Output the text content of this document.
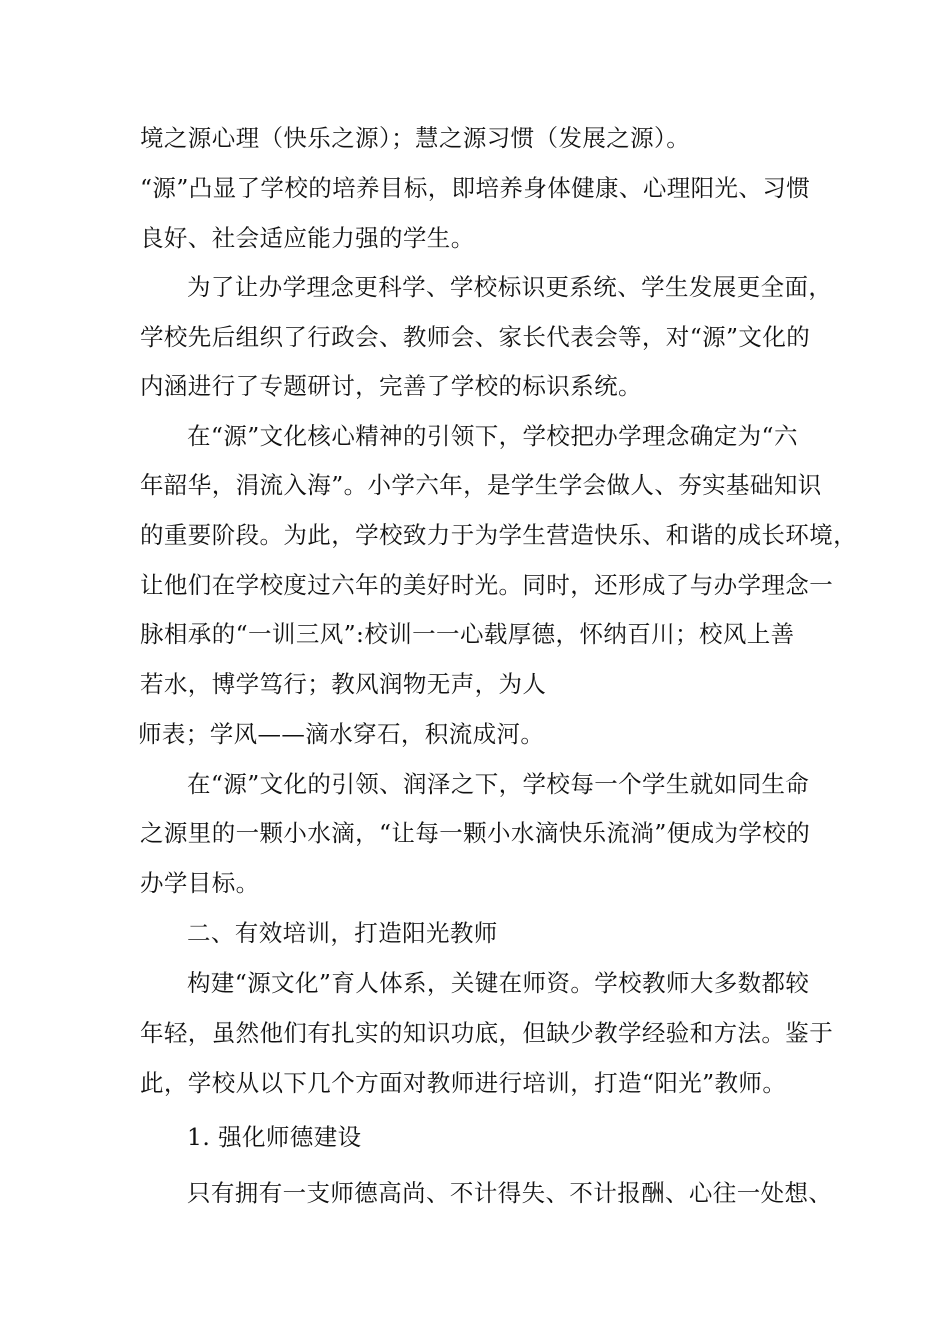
境之源心理（快乐之源）；慧之源习惯（发展之源）。
“源”凸显了学校的培养目标，即培养身体健康、心理阳光、习惯
良好、社会适应能力强的学生。
为了让办学理念更科学、学校标识更系统、学生发展更全面，
学校先后组织了行政会、教师会、家长代表会等，对“源”文化的
内涵进行了专题研讨，完善了学校的标识系统。
在“源”文化核心精神的引领下，学校把办学理念确定为“六
年韶华，涓流入海”。小学六年，是学生学会做人、夯实基础知识
的重要阶段。为此，学校致力于为学生营造快乐、和谐的成长环境，
让他们在学校度过六年的美好时光。同时，还形成了与办学理念一
脉相承的“一训三风”:校训一一心载厚德，怀纳百川；校风上善
若水，博学笃行；教风润物无声，为人
师表；学风——滴水穿石，积流成河。
在“源”文化的引领、润泽之下，学校每一个学生就如同生命
之源里的一颗小水滴，“让每一颗小水滴快乐流淌”便成为学校的
办学目标。
二、有效培训，打造阳光教师
构建“源文化”育人体系，关键在师资。学校教师大多数都较
年轻，虽然他们有扎实的知识功底，但缺少教学经验和方法。鉴于
此，学校从以下几个方面对教师进行培训，打造“阳光”教师。
1. 强化师德建设
只有拥有一支师德高尚、不计得失、不计报酬、心往一处想、
